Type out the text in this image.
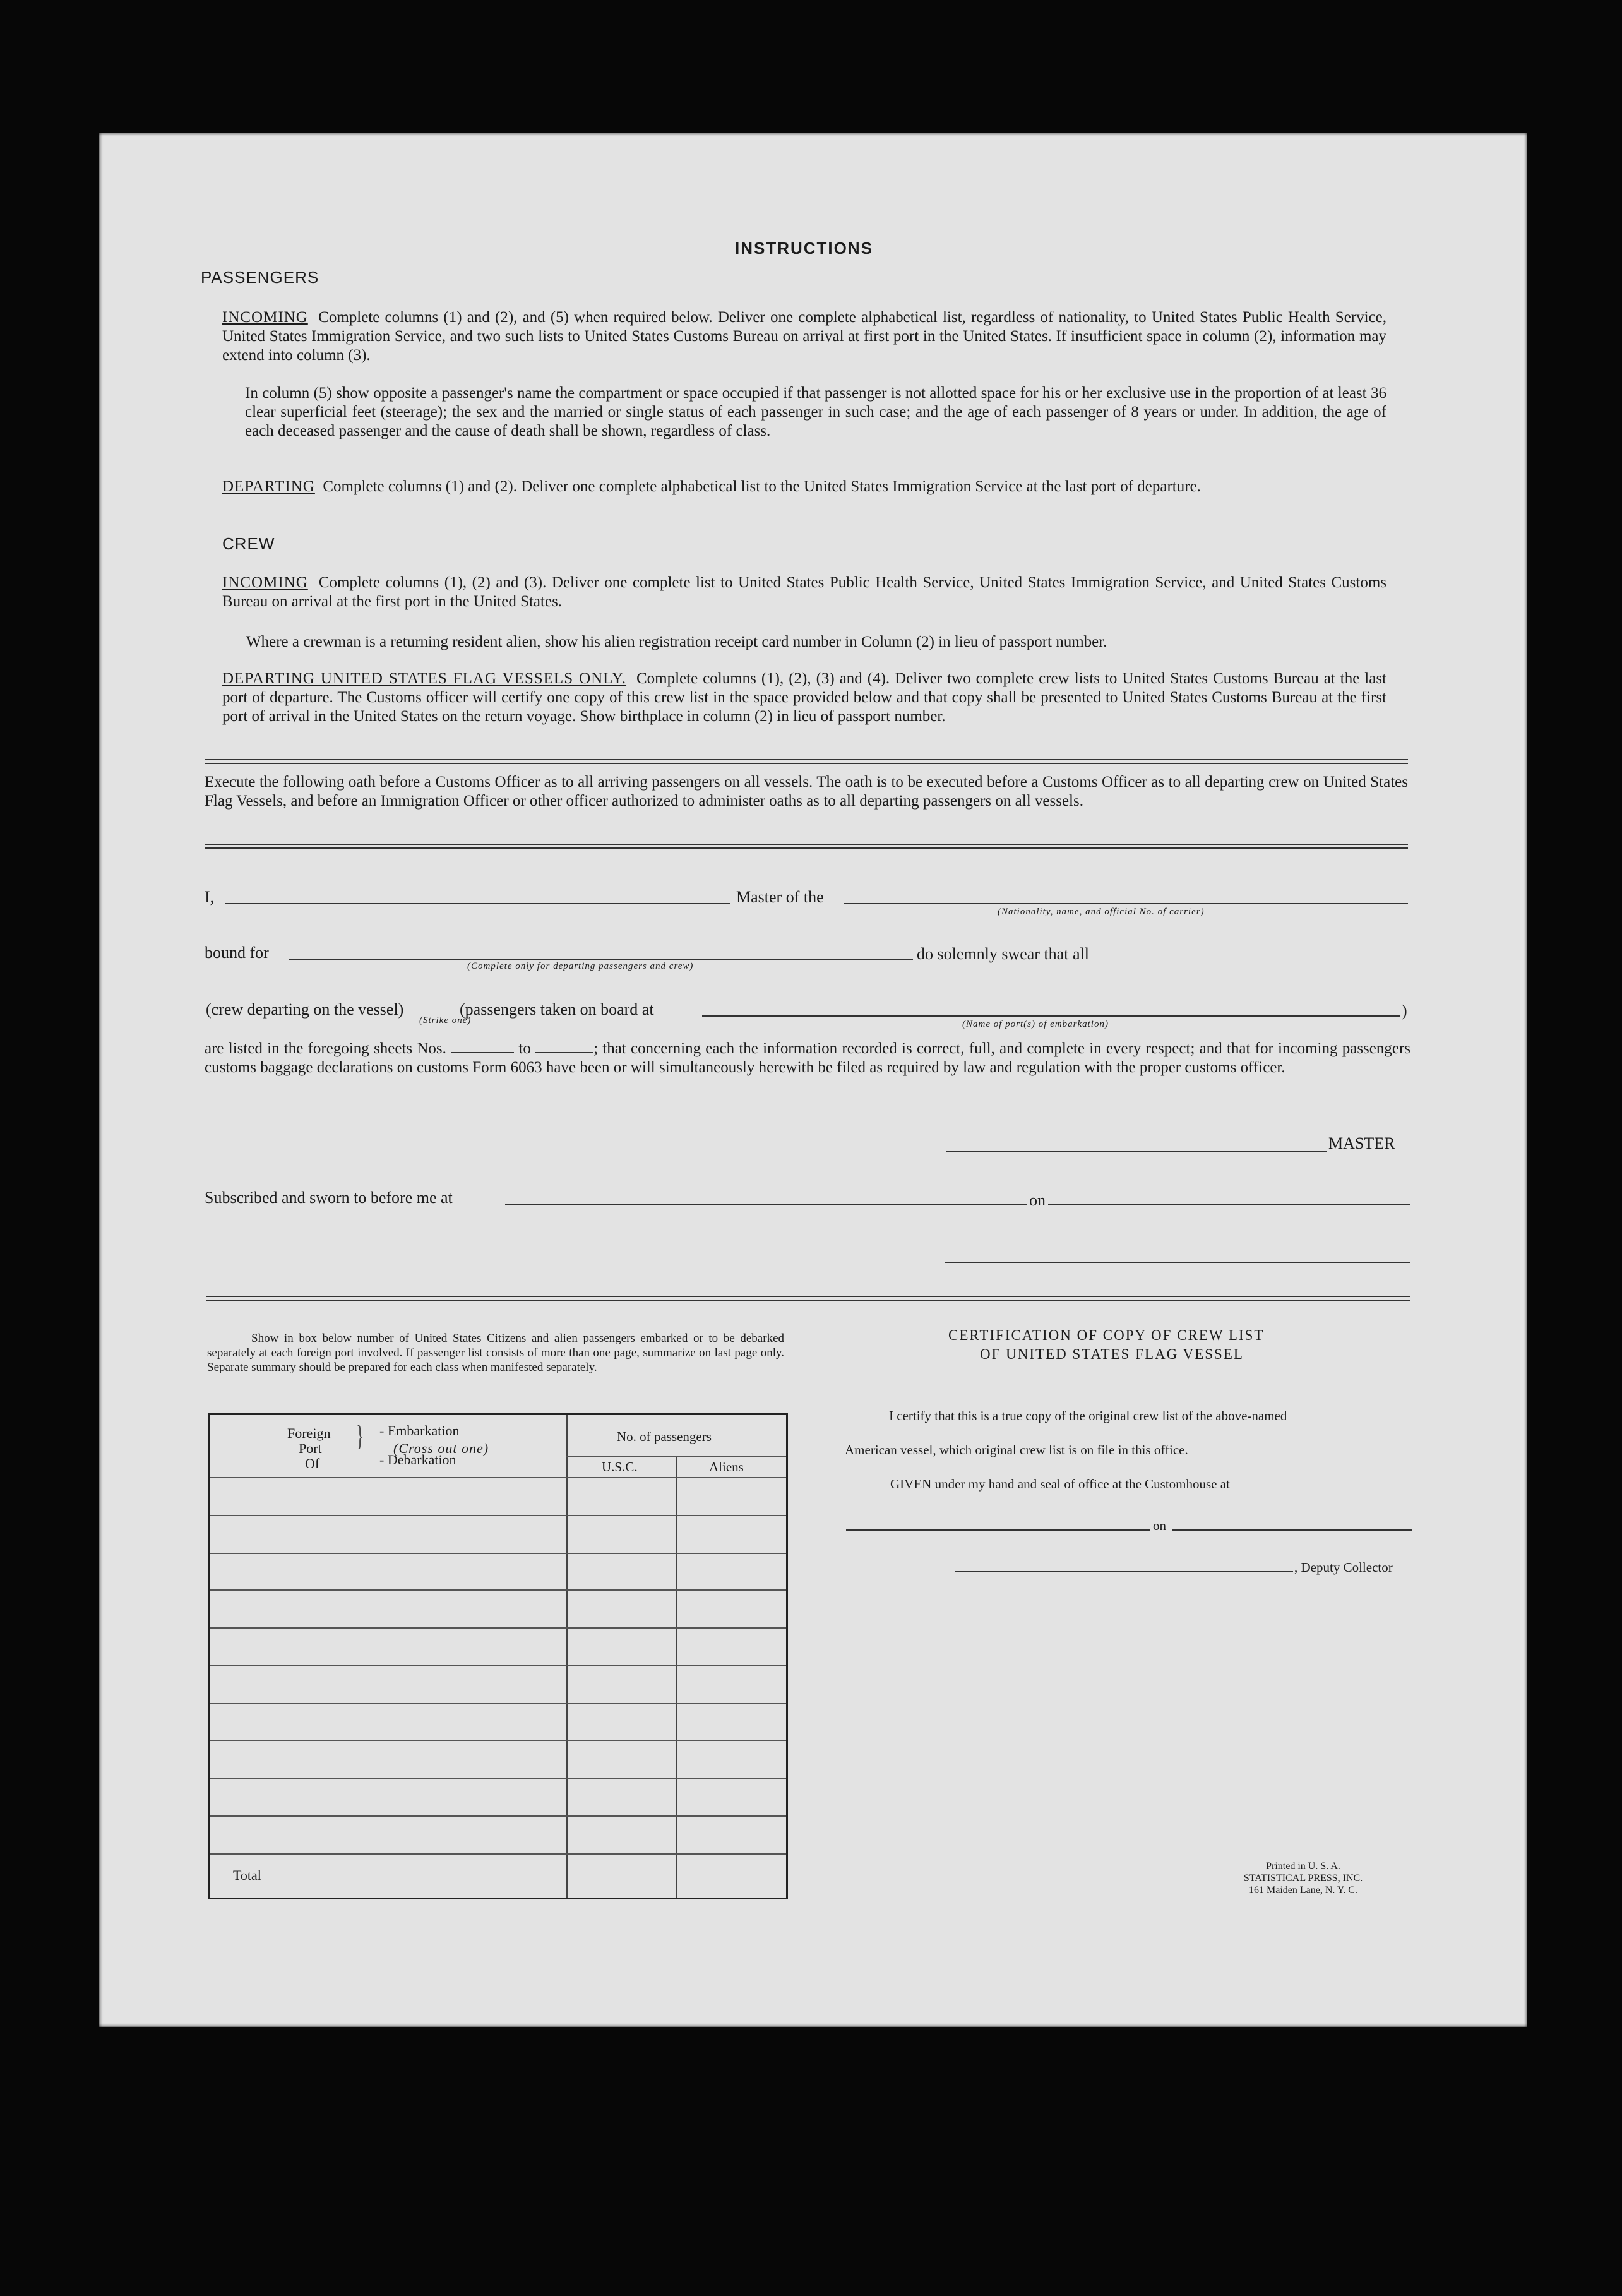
INSTRUCTIONS
PASSENGERS
INCOMING Complete columns (1) and (2), and (5) when required below. Deliver one complete alphabetical list, regardless of nationality, to United States Public Health Service, United States Immigration Service, and two such lists to United States Customs Bureau on arrival at first port in the United States. If insufficient space in column (2), information may extend into column (3).
In column (5) show opposite a passenger's name the compartment or space occupied if that passenger is not allotted space for his or her exclusive use in the proportion of at least 36 clear superficial feet (steerage); the sex and the married or single status of each passenger in such case; and the age of each passenger of 8 years or under. In addition, the age of each deceased passenger and the cause of death shall be shown, regardless of class.
DEPARTING Complete columns (1) and (2). Deliver one complete alphabetical list to the United States Immigration Service at the last port of departure.
CREW
INCOMING Complete columns (1), (2) and (3). Deliver one complete list to United States Public Health Service, United States Immigration Service, and United States Customs Bureau on arrival at the first port in the United States.
Where a crewman is a returning resident alien, show his alien registration receipt card number in Column (2) in lieu of passport number.
DEPARTING UNITED STATES FLAG VESSELS ONLY. Complete columns (1), (2), (3) and (4). Deliver two complete crew lists to United States Customs Bureau at the last port of departure. The Customs officer will certify one copy of this crew list in the space provided below and that copy shall be presented to United States Customs Bureau at the first port of arrival in the United States on the return voyage. Show birthplace in column (2) in lieu of passport number.
Execute the following oath before a Customs Officer as to all arriving passengers on all vessels. The oath is to be executed before a Customs Officer as to all departing crew on United States Flag Vessels, and before an Immigration Officer or other officer authorized to administer oaths as to all departing passengers on all vessels.
I,	Master of the
(Nationality, name, and official No. of carrier)
bound for
(Complete only for departing passengers and crew)
do solemnly swear that all
(crew departing on the vessel)	(passengers taken on board at	)
(Strike one)	(Name of port(s) of embarkation)
are listed in the foregoing sheets Nos.	to	; that concerning each the information recorded is correct, full, and complete in every respect; and that for incoming passengers customs baggage declarations on customs Form 6063 have been or will simultaneously herewith be filed as required by law and regulation with the proper customs officer.
MASTER
Subscribed and sworn to before me at	on
Show in box below number of United States Citizens and alien passengers embarked or to be debarked separately at each foreign port involved. If passenger list consists of more than one page, summarize on last page only. Separate summary should be prepared for each class when manifested separately.
Foreign
Port
Of
} - Embarkation
(Cross out one)
- Debarkation
No. of passengers
U.S.C.	Aliens
Total
CERTIFICATION OF COPY OF CREW LIST
OF UNITED STATES FLAG VESSEL
I certify that this is a true copy of the original crew list of the above-named
American vessel, which original crew list is on file in this office.
GIVEN under my hand and seal of office at the Customhouse at
on
, Deputy Collector
Printed in U. S. A.
STATISTICAL PRESS, INC.
161 Maiden Lane, N. Y. C.
